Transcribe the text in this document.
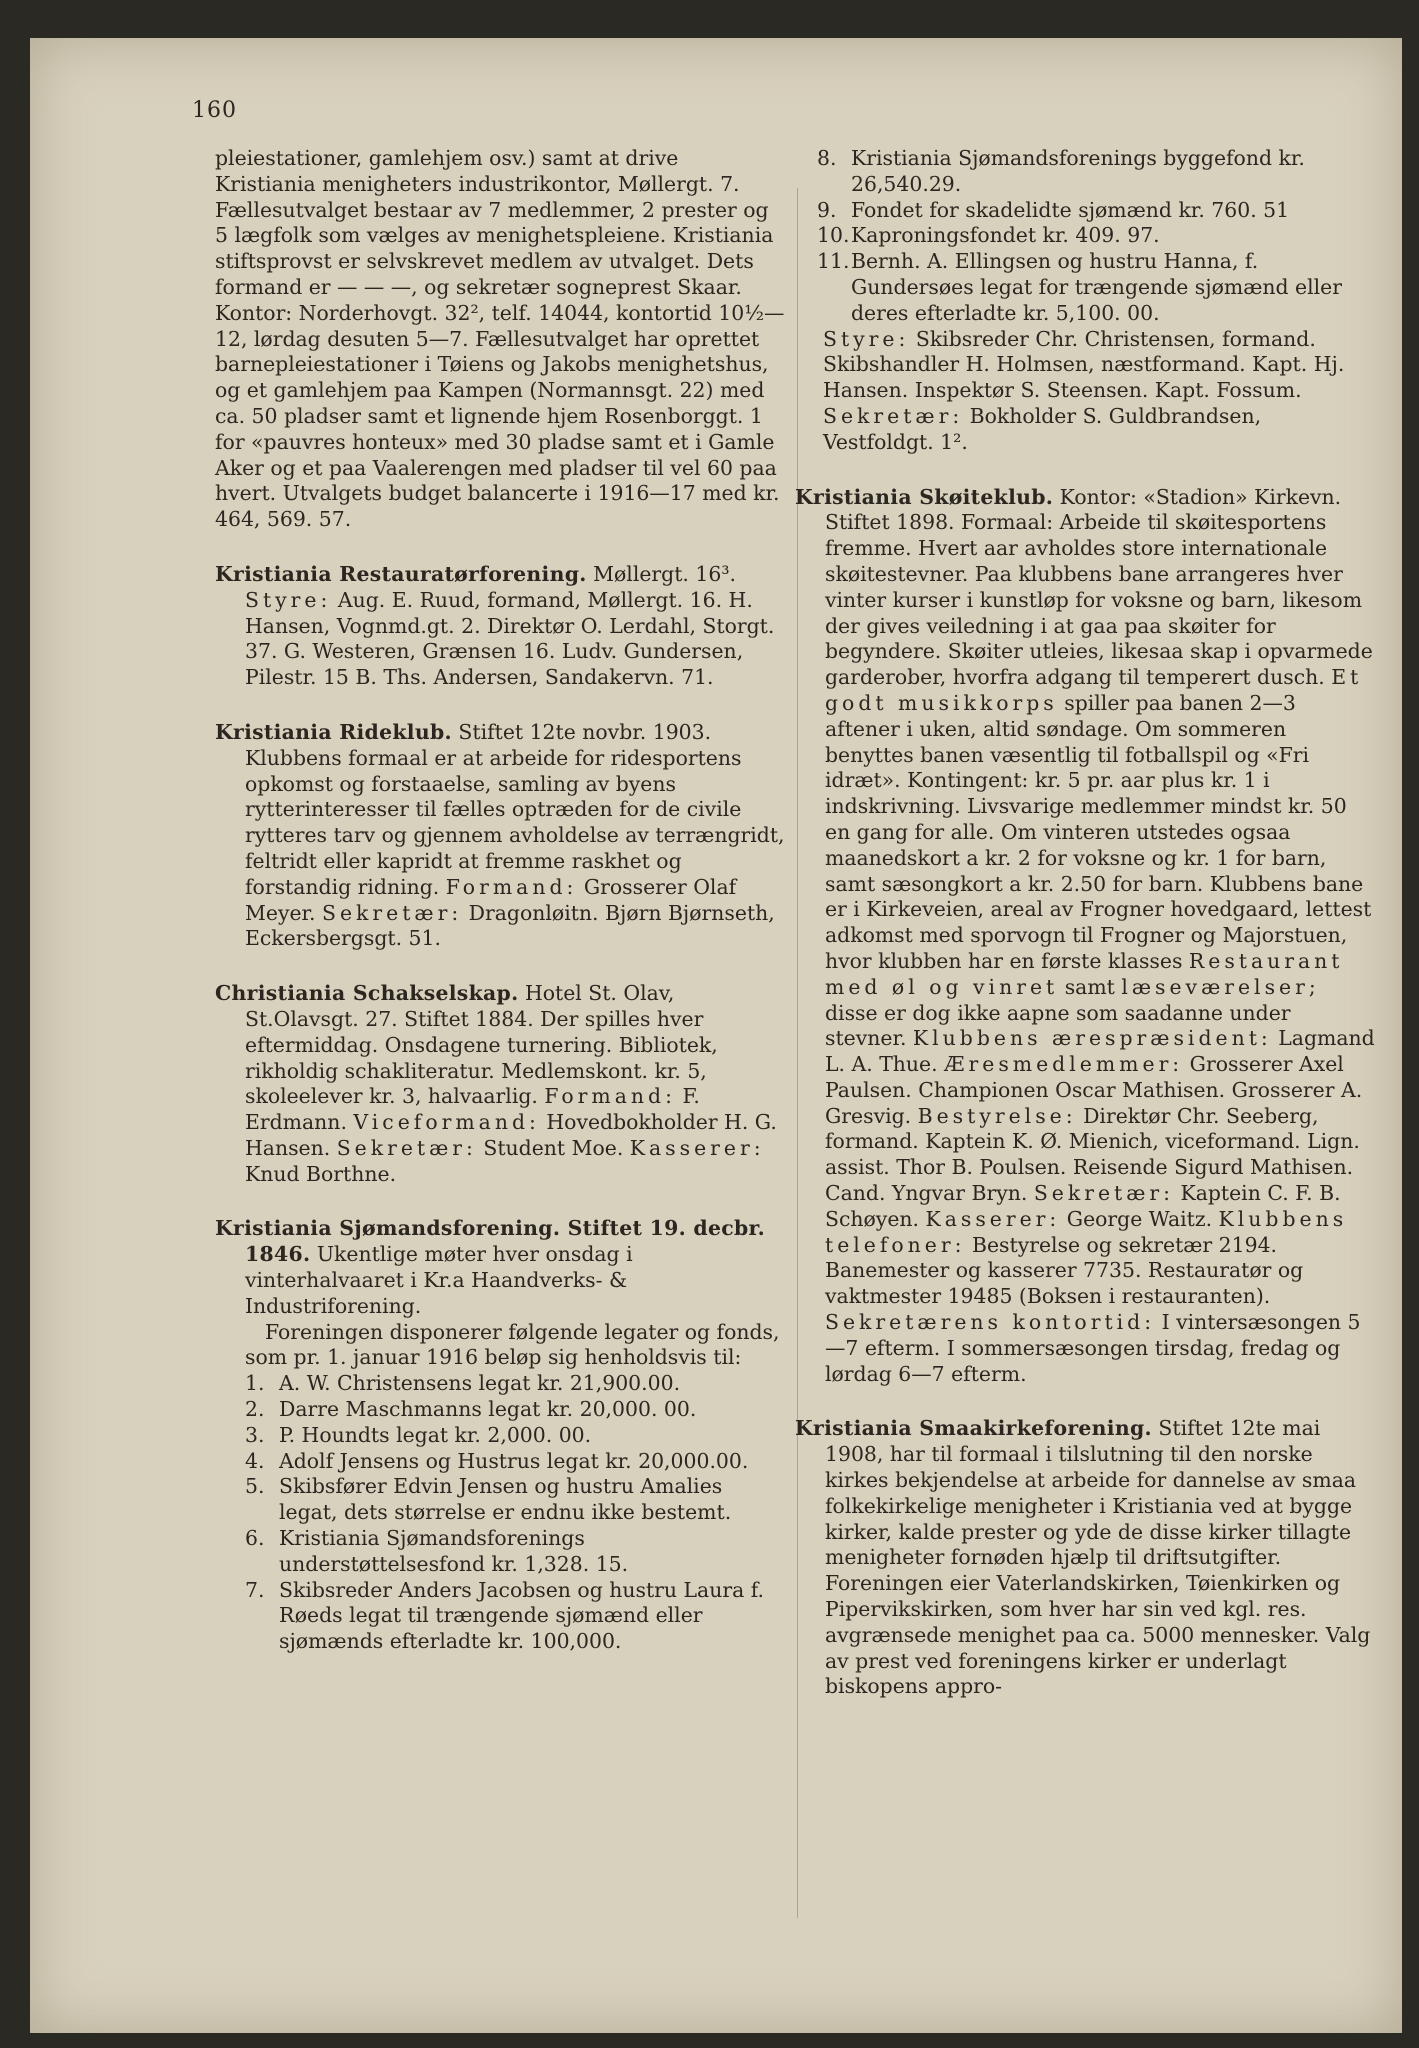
160

pleiestationer, gamlehjem osv.) samt at drive Kristiania menigheters industrikontor, Møllergt. 7. Fællesutvalget bestaar av 7 medlemmer, 2 prester og 5 lægfolk som vælges av menighetspleiene. Kristiania stiftsprovst er selvskrevet medlem av utvalget. Dets formand er — — —, og sekretær sogneprest Skaar. Kontor: Norderhovgt. 32², telf. 14044, kontortid 10½—12, lørdag desuten 5—7. Fællesutvalget har oprettet barnepleiestationer i Tøiens og Jakobs menighetshus, og et gamlehjem paa Kampen (Normannsgt. 22) med ca. 50 pladser samt et lignende hjem Rosenborggt. 1 for «pauvres honteux» med 30 pladse samt et i Gamle Aker og et paa Vaalerengen med pladser til vel 60 paa hvert. Utvalgets budget balancerte i 1916—17 med kr. 464, 569. 57.

Kristiania Restauratørforening. Møllergt. 16³. Styre: Aug. E. Ruud, formand, Møllergt. 16. H. Hansen, Vognmd.gt. 2. Direktør O. Lerdahl, Storgt. 37. G. Westeren, Grænsen 16. Ludv. Gundersen, Pilestr. 15 B. Ths. Andersen, Sandakervn. 71.

Kristiania Rideklub. Stiftet 12te novbr. 1903. Klubbens formaal er at arbeide for ridesportens opkomst og forstaaelse, samling av byens rytterinteresser til fælles optræden for de civile rytteres tarv og gjennem avholdelse av terrængridt, feltridt eller kapridt at fremme raskhet og forstandig ridning. Formand: Grosserer Olaf Meyer. Sekretær: Dragonløitn. Bjørn Bjørnseth, Eckersbergsgt. 51.

Christiania Schakselskap. Hotel St. Olav, St.Olavsgt. 27. Stiftet 1884. Der spilles hver eftermiddag. Onsdagene turnering. Bibliotek, rikholdig schakliteratur. Medlemskont. kr. 5, skoleelever kr. 3, halvaarlig. Formand: F. Erdmann. Viceformand: Hovedbokholder H. G. Hansen. Sekretær: Student Moe. Kasserer: Knud Borthne.

Kristiania Sjømandsforening. Stiftet 19. decbr. 1846. Ukentlige møter hver onsdag i vinterhalvaaret i Kr.a Haandverks- & Industriforening.

Foreningen disponerer følgende legater og fonds, som pr. 1. januar 1916 beløp sig henholdsvis til:

1. A. W. Christensens legat kr. 21,900.00.
2. Darre Maschmanns legat kr. 20,000. 00.
3. P. Houndts legat kr. 2,000. 00.
4. Adolf Jensens og Hustrus legat kr. 20,000.00.
5. Skibsfører Edvin Jensen og hustru Amalies legat, dets størrelse er endnu ikke bestemt.
6. Kristiania Sjømandsforenings understøttelsesfond kr. 1,328. 15.
7. Skibsreder Anders Jacobsen og hustru Laura f. Røeds legat til trængende sjømænd eller sjømænds efterladte kr. 100,000.
8. Kristiania Sjømandsforenings byggefond kr. 26,540.29.
9. Fondet for skadelidte sjømænd kr. 760. 51
10. Kaproningsfondet kr. 409. 97.
11. Bernh. A. Ellingsen og hustru Hanna, f. Gundersøes legat for trængende sjømænd eller deres efterladte kr. 5,100. 00.

Styre: Skibsreder Chr. Christensen, formand. Skibshandler H. Holmsen, næstformand. Kapt. Hj. Hansen. Inspektør S. Steensen. Kapt. Fossum. Sekretær: Bokholder S. Guldbrandsen, Vestfoldgt. 1².

Kristiania Skøiteklub. Kontor: «Stadion» Kirkevn. Stiftet 1898. Formaal: Arbeide til skøitesportens fremme. Hvert aar avholdes store internationale skøitestevner. Paa klubbens bane arrangeres hver vinter kurser i kunstløp for voksne og barn, likesom der gives veiledning i at gaa paa skøiter for begyndere. Skøiter utleies, likesaa skap i opvarmede garderober, hvorfra adgang til temperert dusch. Et godt musikkorps spiller paa banen 2—3 aftener i uken, altid søndage. Om sommeren benyttes banen væsentlig til fotballspil og «Fri idræt». Kontingent: kr. 5 pr. aar plus kr. 1 i indskrivning. Livsvarige medlemmer mindst kr. 50 en gang for alle. Om vinteren utstedes ogsaa maanedskort a kr. 2 for voksne og kr. 1 for barn, samt sæsongkort a kr. 2.50 for barn. Klubbens bane er i Kirkeveien, areal av Frogner hovedgaard, lettest adkomst med sporvogn til Frogner og Majorstuen, hvor klubben har en første klasses Restaurant med øl og vinret samt læseværelser; disse er dog ikke aapne som saadanne under stevner. Klubbens ærespræsident: Lagmand L. A. Thue. Æresmedlemmer: Grosserer Axel Paulsen. Championen Oscar Mathisen. Grosserer A. Gresvig. Bestyrelse: Direktør Chr. Seeberg, formand. Kaptein K. Ø. Mienich, viceformand. Lign. assist. Thor B. Poulsen. Reisende Sigurd Mathisen. Cand. Yngvar Bryn. Sekretær: Kaptein C. F. B. Schøyen. Kasserer: George Waitz. Klubbens telefoner: Bestyrelse og sekretær 2194. Banemester og kasserer 7735. Restauratør og vaktmester 19485 (Boksen i restauranten). Sekretærens kontortid: I vintersæsongen 5—7 efterm. I sommersæsongen tirsdag, fredag og lørdag 6—7 efterm.

Kristiania Smaakirkeforening. Stiftet 12te mai 1908, har til formaal i tilslutning til den norske kirkes bekjendelse at arbeide for dannelse av smaa folkekirkelige menigheter i Kristiania ved at bygge kirker, kalde prester og yde de disse kirker tillagte menigheter fornøden hjælp til driftsutgifter. Foreningen eier Vaterlandskirken, Tøienkirken og Pipervikskirken, som hver har sin ved kgl. res. avgrænsede menighet paa ca. 5000 mennesker. Valg av prest ved foreningens kirker er underlagt biskopens appro-
